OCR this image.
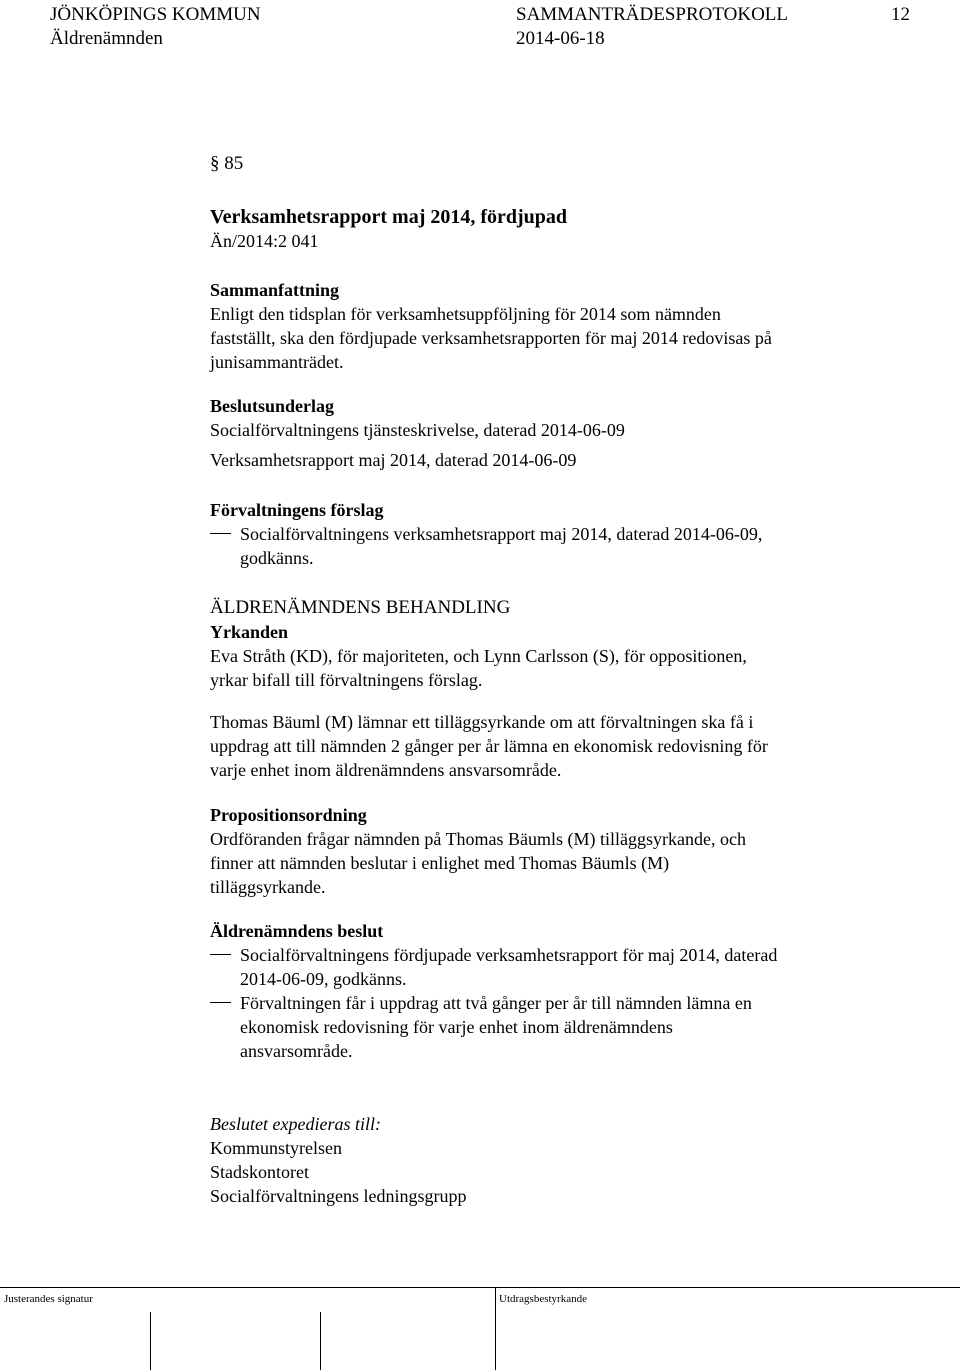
JÖNKÖPINGS KOMMUN
Äldrenämnden
SAMMANTRÄDESPROTOKOLL
2014-06-18
12
§ 85

Verksamhetsrapport maj 2014, fördjupad

Än/2014:2 041

Sammanfattning

Enligt den tidsplan för verksamhetsuppföljning för 2014 som nämnden

fastställt, ska den fördjupade verksamhetsrapporten för maj 2014 redovisas på

junisammanträdet.

Beslutsunderlag

Socialförvaltningens tjänsteskrivelse, daterad 2014-06-09

Verksamhetsrapport maj 2014, daterad 2014-06-09

Förvaltningens förslag

Socialförvaltningens verksamhetsrapport maj 2014, daterad 2014-06-09,

godkänns.

ÄLDRENÄMNDENS BEHANDLING

Yrkanden

Eva Stråth (KD), för majoriteten, och Lynn Carlsson (S), för oppositionen,

yrkar bifall till förvaltningens förslag.

Thomas Bäuml (M) lämnar ett tilläggsyrkande om att förvaltningen ska få i

uppdrag att till nämnden 2 gånger per år lämna en ekonomisk redovisning för

varje enhet inom äldrenämndens ansvarsområde.

Propositionsordning

Ordföranden frågar nämnden på Thomas Bäumls (M) tilläggsyrkande, och

finner att nämnden beslutar i enlighet med Thomas Bäumls (M)

tilläggsyrkande.

Äldrenämndens beslut

Socialförvaltningens fördjupade verksamhetsrapport för maj 2014, daterad

2014-06-09, godkänns.

Förvaltningen får i uppdrag att två gånger per år till nämnden lämna en

ekonomisk redovisning för varje enhet inom äldrenämndens

ansvarsområde.

Beslutet expedieras till:

Kommunstyrelsen

Stadskontoret

Socialförvaltningens ledningsgrupp

Justerandes signatur	Utdragsbestyrkande
